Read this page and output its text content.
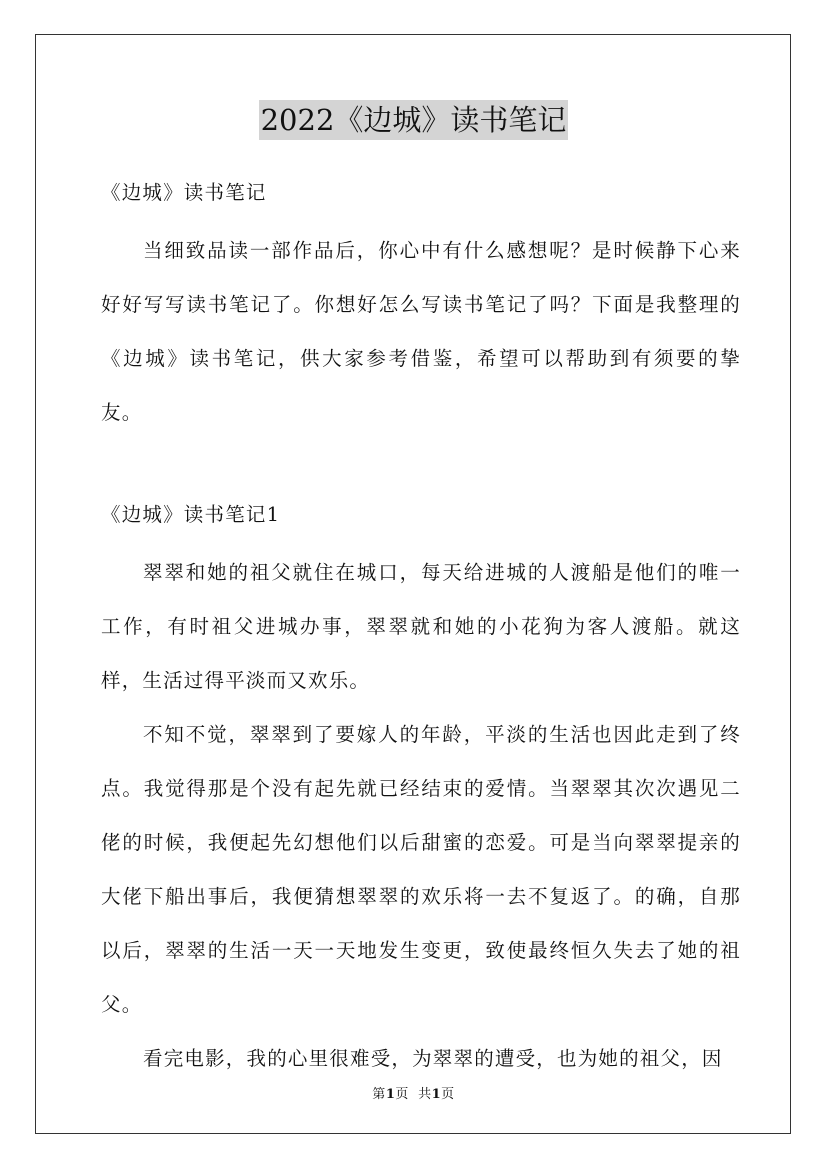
2022《边城》读书笔记

《边城》读书笔记

当细致品读一部作品后，你心中有什么感想呢？是时候静下心来好好写写读书笔记了。你想好怎么写读书笔记了吗？下面是我整理的《边城》读书笔记，供大家参考借鉴，希望可以帮助到有须要的挚友。

《边城》读书笔记1

翠翠和她的祖父就住在城口，每天给进城的人渡船是他们的唯一工作，有时祖父进城办事，翠翠就和她的小花狗为客人渡船。就这样，生活过得平淡而又欢乐。

不知不觉，翠翠到了要嫁人的年龄，平淡的生活也因此走到了终点。我觉得那是个没有起先就已经结束的爱情。当翠翠其次次遇见二佬的时候，我便起先幻想他们以后甜蜜的恋爱。可是当向翠翠提亲的大佬下船出事后，我便猜想翠翠的欢乐将一去不复返了。的确，自那以后，翠翠的生活一天一天地发生变更，致使最终恒久失去了她的祖父。

看完电影，我的心里很难受，为翠翠的遭受，也为她的祖父，因

第1页  共1页
